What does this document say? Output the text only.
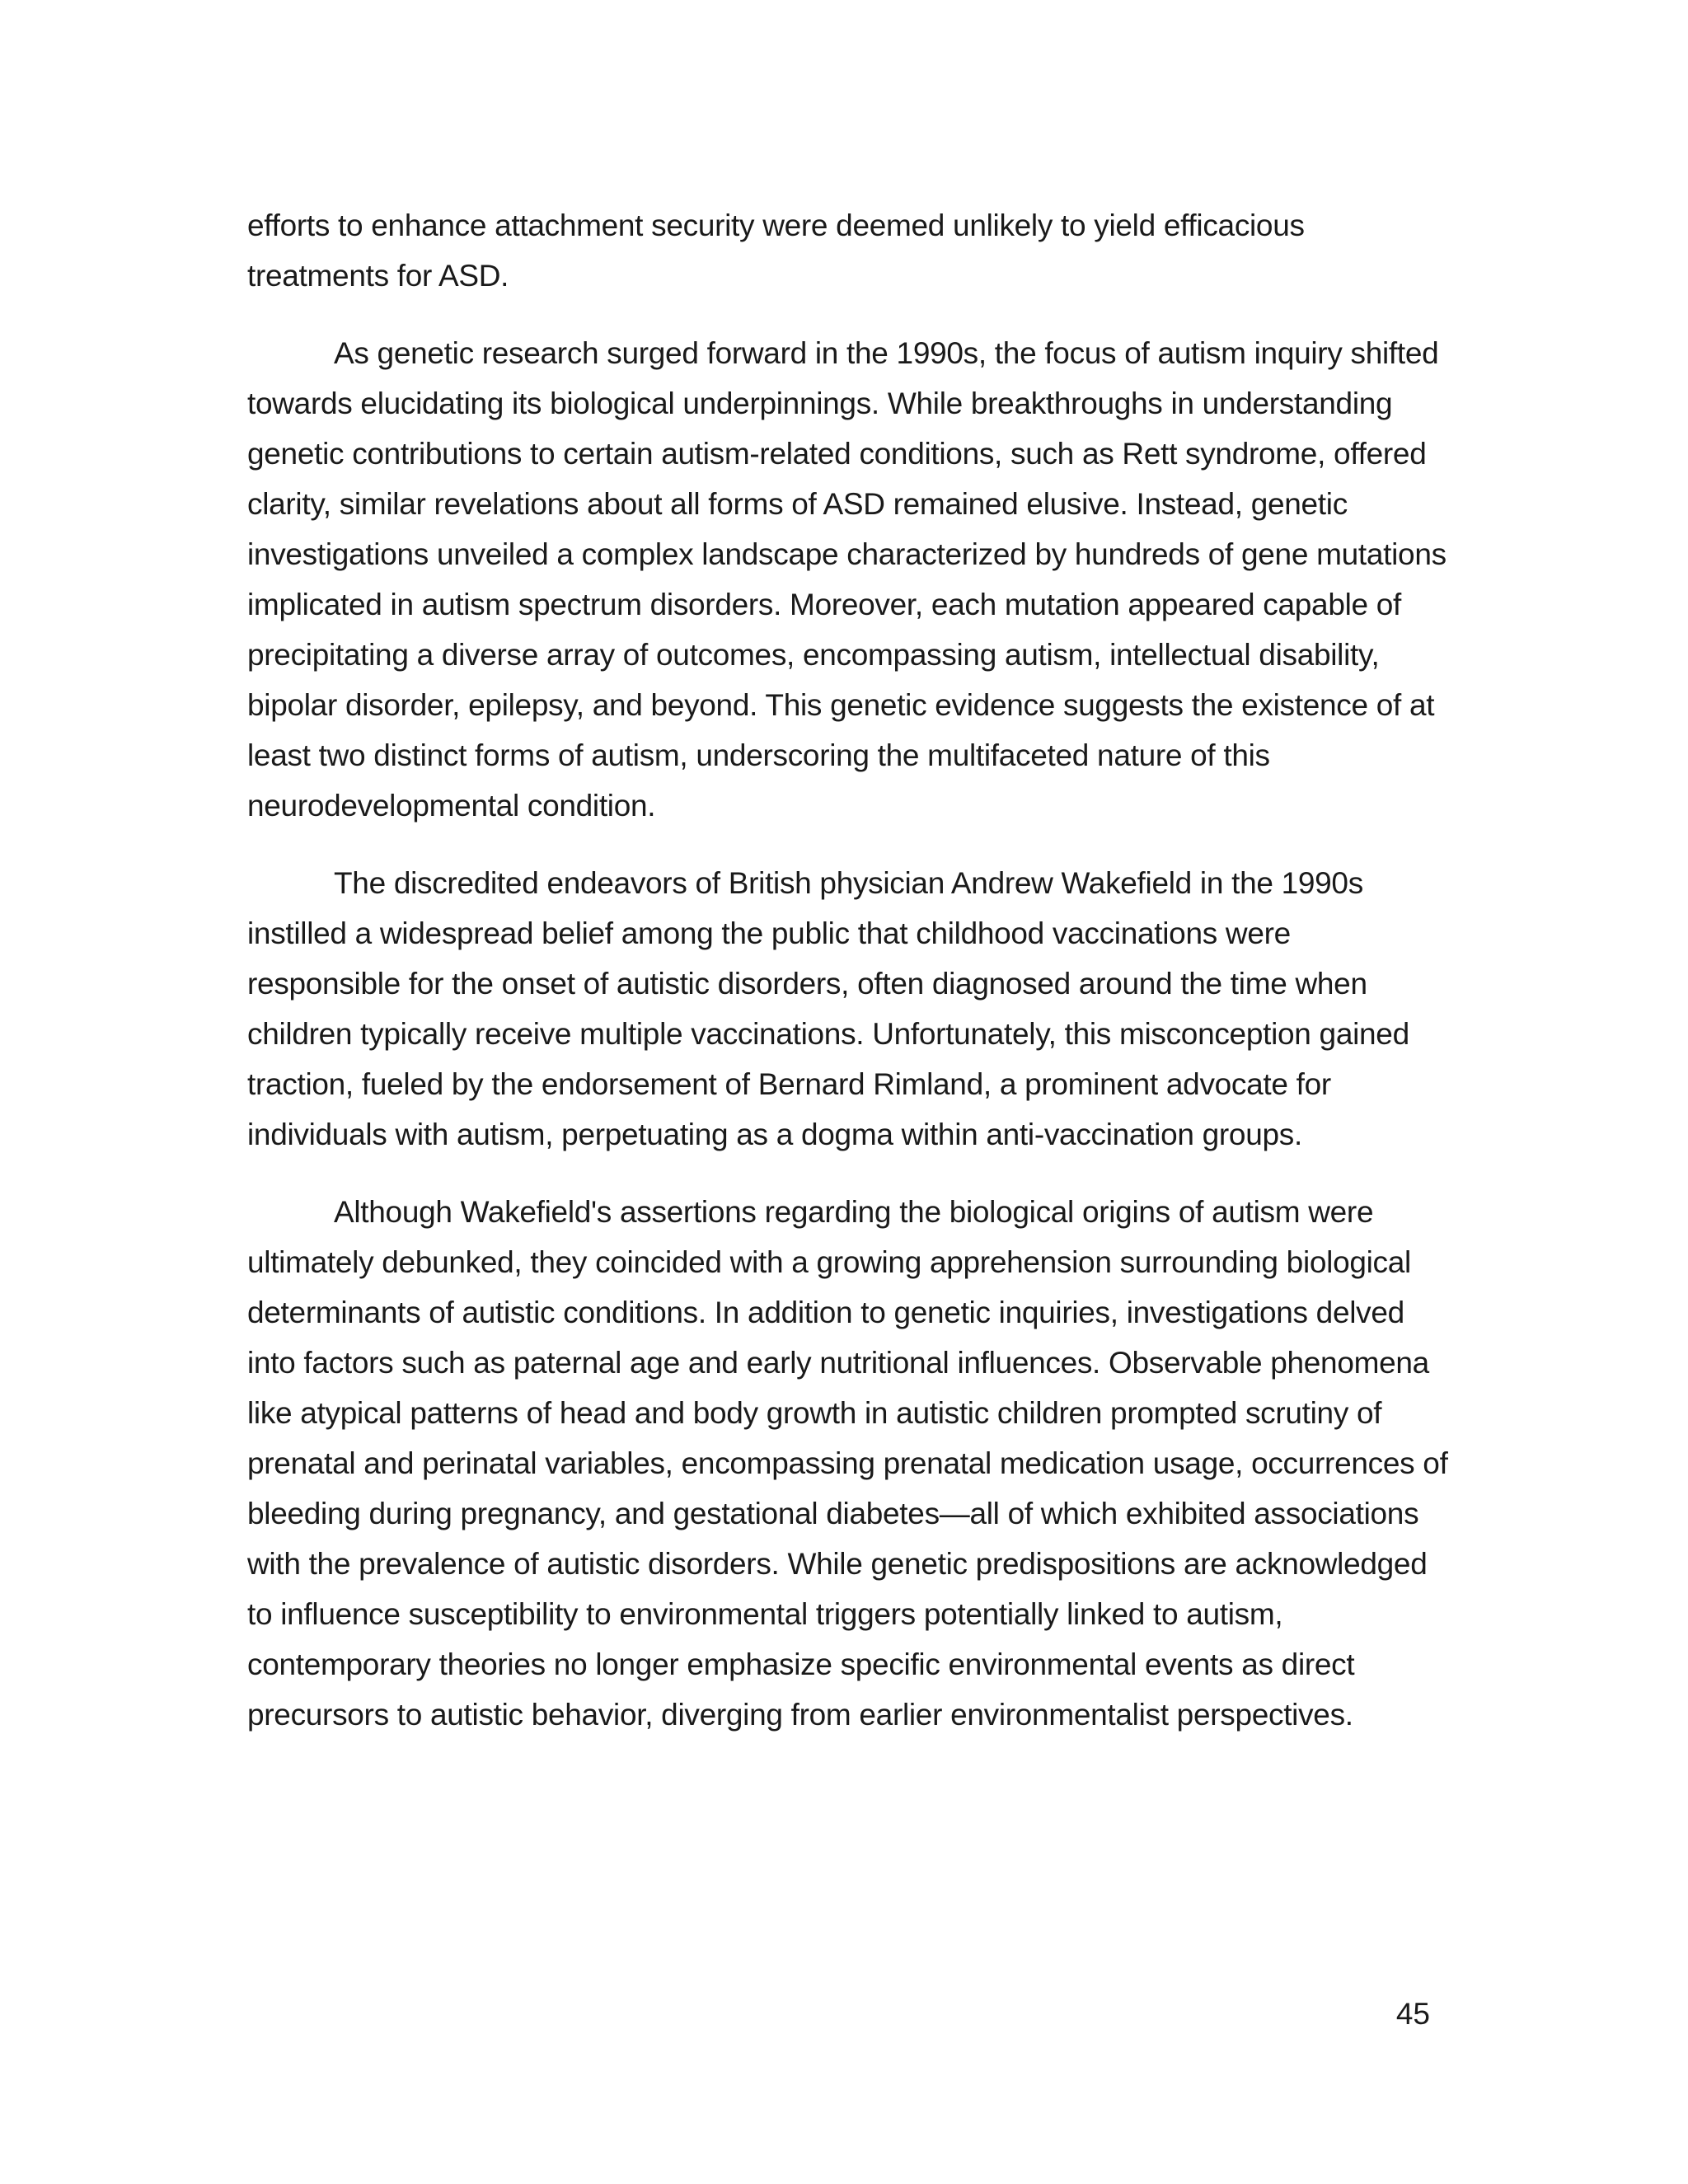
efforts to enhance attachment security were deemed unlikely to yield efficacious treatments for ASD.

As genetic research surged forward in the 1990s, the focus of autism inquiry shifted towards elucidating its biological underpinnings. While breakthroughs in understanding genetic contributions to certain autism-related conditions, such as Rett syndrome, offered clarity, similar revelations about all forms of ASD remained elusive. Instead, genetic investigations unveiled a complex landscape characterized by hundreds of gene mutations implicated in autism spectrum disorders. Moreover, each mutation appeared capable of precipitating a diverse array of outcomes, encompassing autism, intellectual disability, bipolar disorder, epilepsy, and beyond. This genetic evidence suggests the existence of at least two distinct forms of autism, underscoring the multifaceted nature of this neurodevelopmental condition.

The discredited endeavors of British physician Andrew Wakefield in the 1990s instilled a widespread belief among the public that childhood vaccinations were responsible for the onset of autistic disorders, often diagnosed around the time when children typically receive multiple vaccinations. Unfortunately, this misconception gained traction, fueled by the endorsement of Bernard Rimland, a prominent advocate for individuals with autism, perpetuating as a dogma within anti-vaccination groups.

Although Wakefield's assertions regarding the biological origins of autism were ultimately debunked, they coincided with a growing apprehension surrounding biological determinants of autistic conditions. In addition to genetic inquiries, investigations delved into factors such as paternal age and early nutritional influences. Observable phenomena like atypical patterns of head and body growth in autistic children prompted scrutiny of prenatal and perinatal variables, encompassing prenatal medication usage, occurrences of bleeding during pregnancy, and gestational diabetes—all of which exhibited associations with the prevalence of autistic disorders. While genetic predispositions are acknowledged to influence susceptibility to environmental triggers potentially linked to autism, contemporary theories no longer emphasize specific environmental events as direct precursors to autistic behavior, diverging from earlier environmentalist perspectives.

45
